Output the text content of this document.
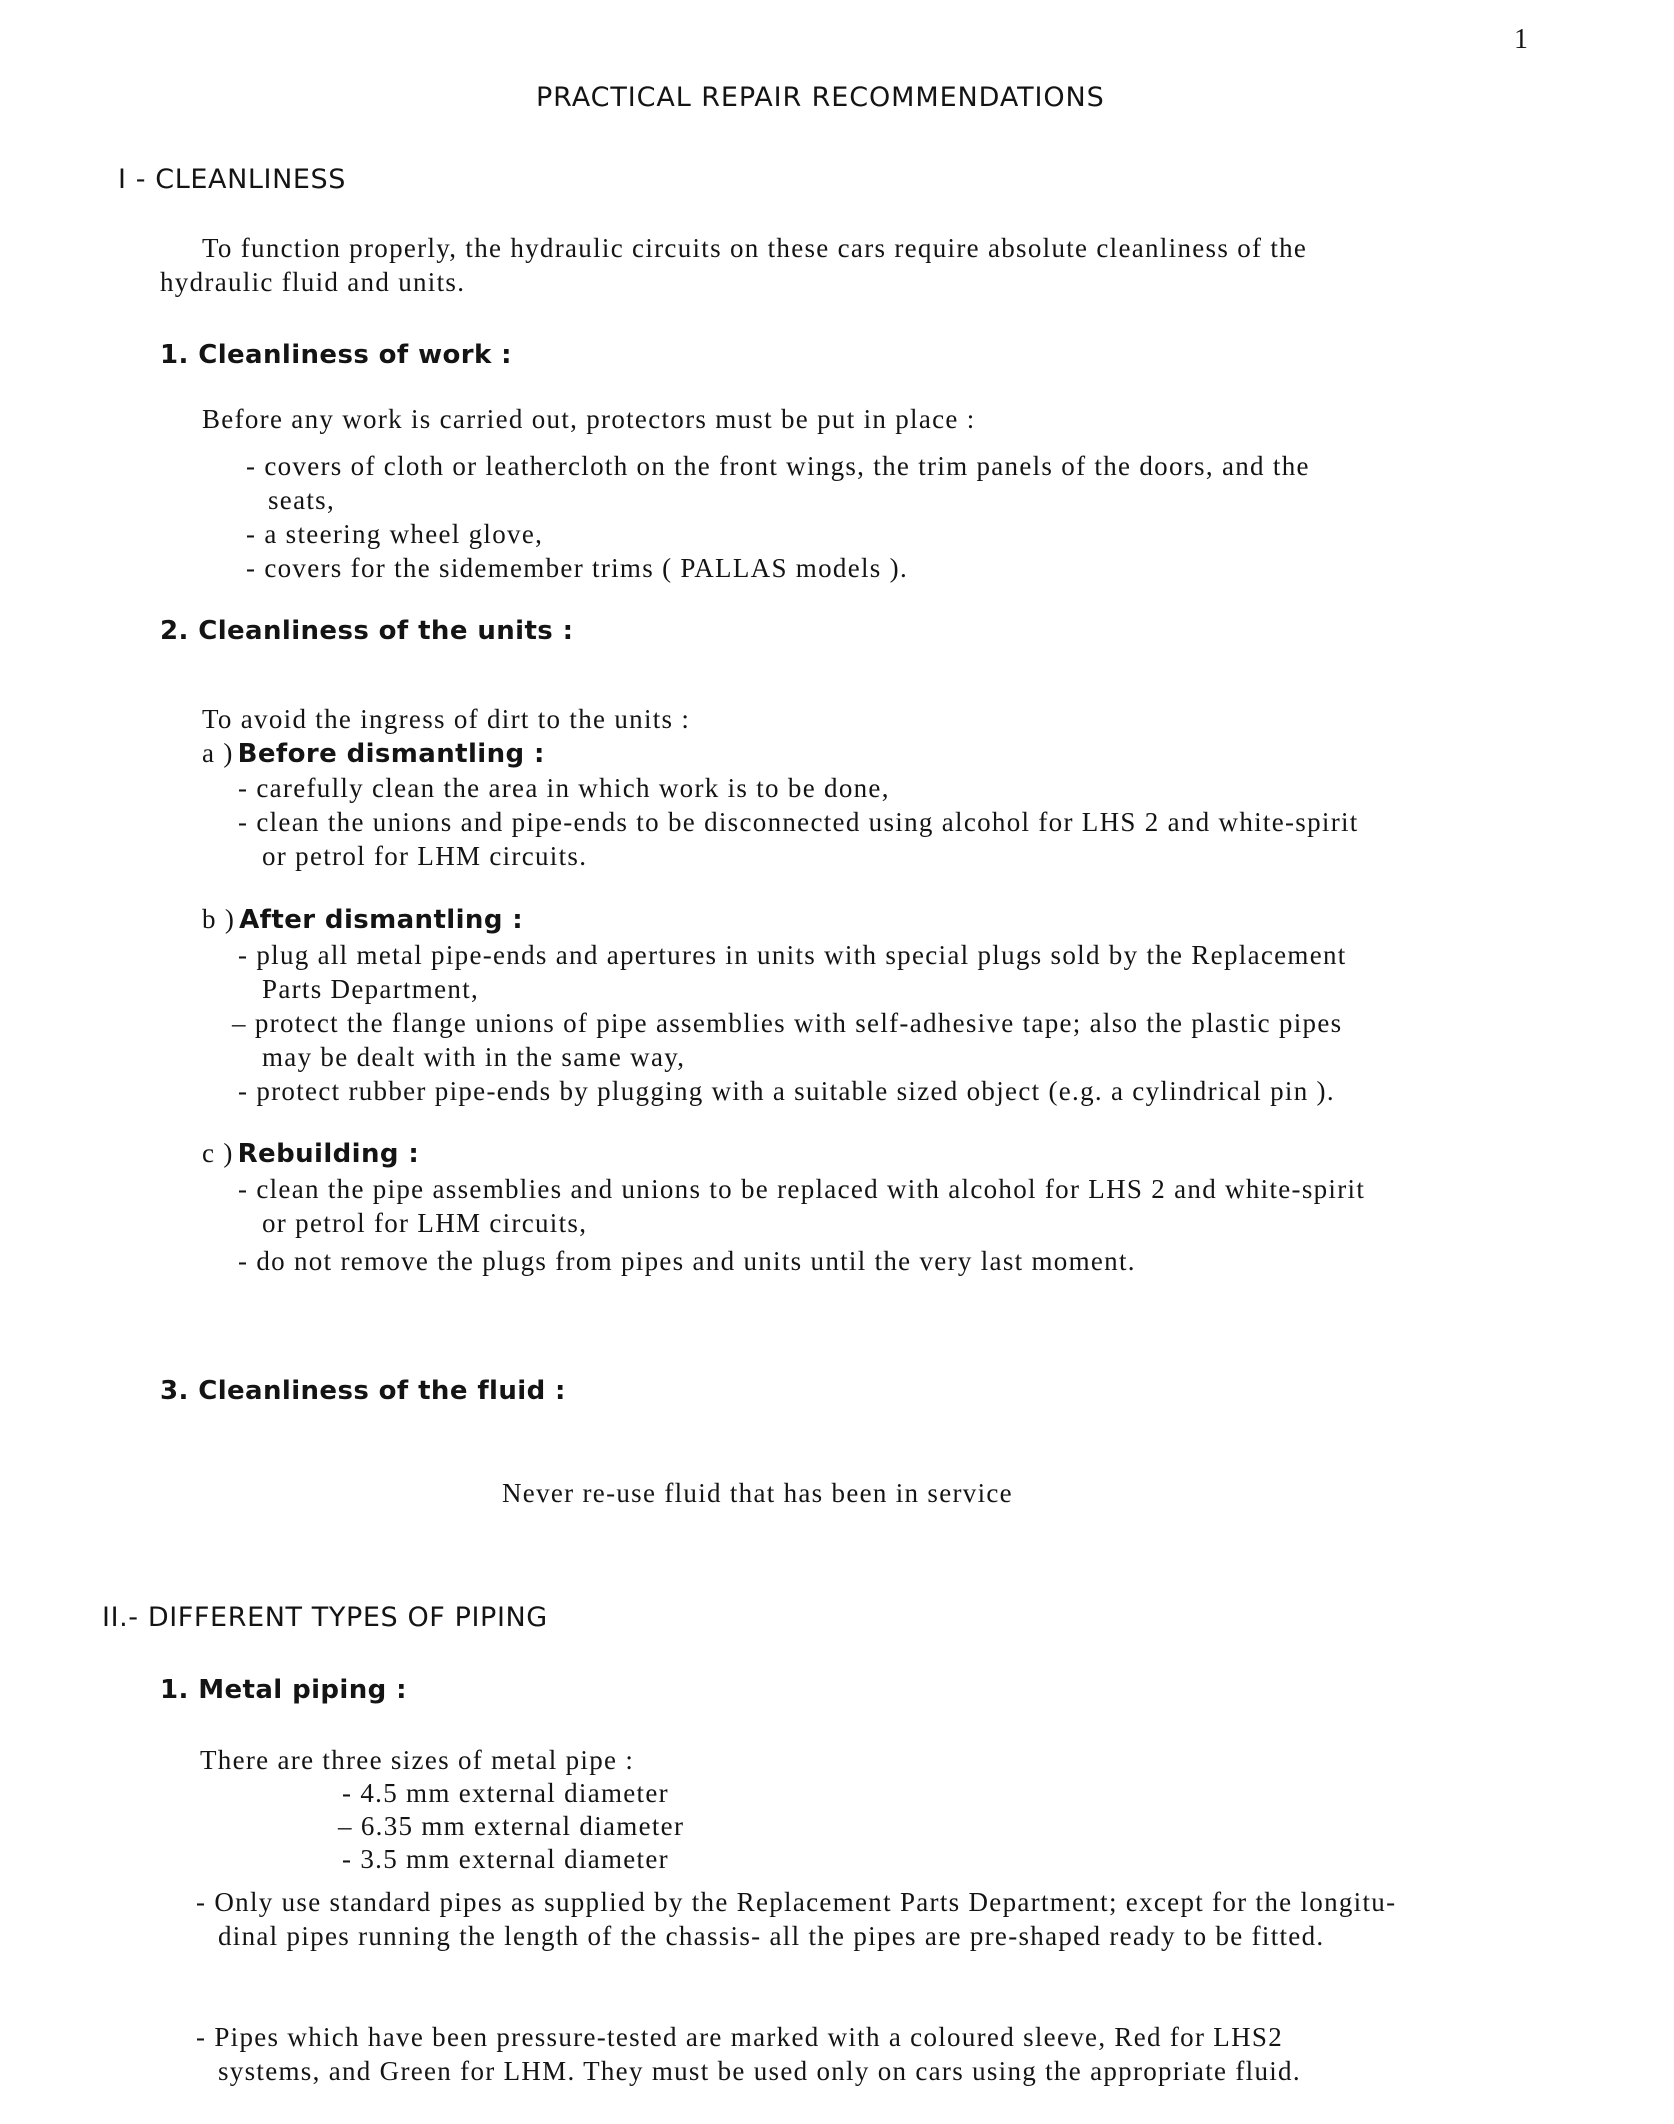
1
PRACTICAL REPAIR RECOMMENDATIONS
I - CLEANLINESS
To function properly, the hydraulic circuits on these cars require absolute cleanliness of the
hydraulic fluid and units.
1. Cleanliness of work :
Before any work is carried out, protectors must be put in place :
- covers of cloth or leathercloth on the front wings, the trim panels of the doors, and the
seats,
- a steering wheel glove,
- covers for the sidemember trims ( PALLAS models ).
2. Cleanliness of the units :
To avoid the ingress of dirt to the units :
a ) Before dismantling :
- carefully clean the area in which work is to be done,
- clean the unions and pipe-ends to be disconnected using alcohol for LHS 2 and white-spirit
or petrol for LHM circuits.
b ) After dismantling :
- plug all metal pipe-ends and apertures in units with special plugs sold by the Replacement
Parts Department,
– protect the flange unions of pipe assemblies with self-adhesive tape; also the plastic pipes
may be dealt with in the same way,
- protect rubber pipe-ends by plugging with a suitable sized object (e.g. a cylindrical pin ).
c ) Rebuilding :
- clean the pipe assemblies and unions to be replaced with alcohol for LHS 2 and white-spirit
or petrol for LHM circuits,
- do not remove the plugs from pipes and units until the very last moment.
3. Cleanliness of the fluid :
Never re-use fluid that has been in service
II.- DIFFERENT TYPES OF PIPING
1. Metal piping :
There are three sizes of metal pipe :
- 4.5 mm external diameter
– 6.35 mm external diameter
- 3.5 mm external diameter
- Only use standard pipes as supplied by the Replacement Parts Department; except for the longitu-
dinal pipes running the length of the chassis- all the pipes are pre-shaped ready to be fitted.
- Pipes which have been pressure-tested are marked with a coloured sleeve, Red for LHS2
systems, and Green for LHM. They must be used only on cars using the appropriate fluid.
